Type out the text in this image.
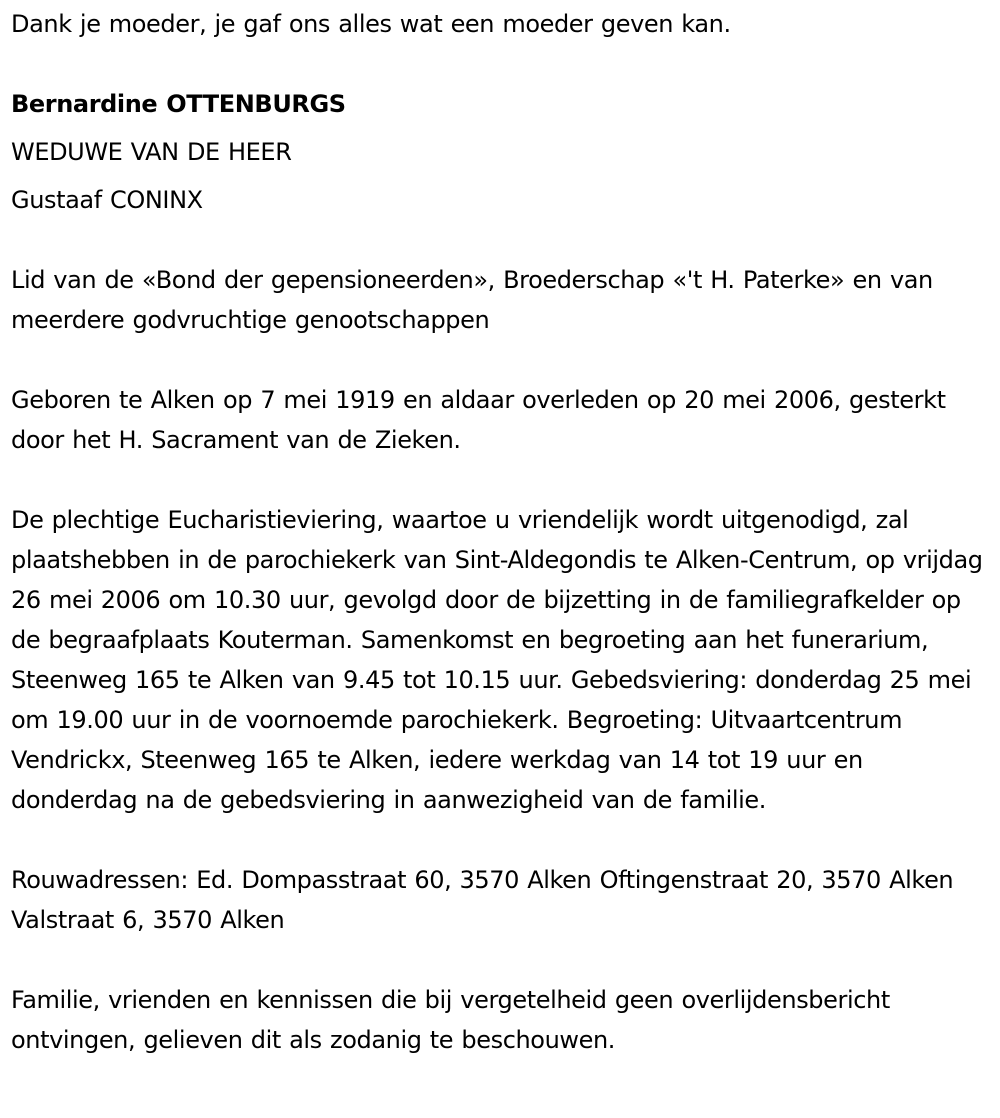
Dank je moeder, je gaf ons alles wat een moeder geven kan.

Bernardine OTTENBURGS

WEDUWE VAN DE HEER

Gustaaf CONINX

Lid van de «Bond der gepensioneerden», Broederschap «'t H. Paterke» en van meerdere godvruchtige genootschappen

Geboren te Alken op 7 mei 1919 en aldaar overleden op 20 mei 2006, gesterkt door het H. Sacrament van de Zieken.

De plechtige Eucharistieviering, waartoe u vriendelijk wordt uitgenodigd, zal plaatshebben in de parochiekerk van Sint-Aldegondis te Alken-Centrum, op vrijdag 26 mei 2006 om 10.30 uur, gevolgd door de bijzetting in de familiegrafkelder op de begraafplaats Kouterman. Samenkomst en begroeting aan het funerarium, Steenweg 165 te Alken van 9.45 tot 10.15 uur. Gebedsviering: donderdag 25 mei om 19.00 uur in de voornoemde parochiekerk. Begroeting: Uitvaartcentrum Vendrickx, Steenweg 165 te Alken, iedere werkdag van 14 tot 19 uur en donderdag na de gebedsviering in aanwezigheid van de familie.

Rouwadressen: Ed. Dompasstraat 60, 3570 Alken Oftingenstraat 20, 3570 Alken Valstraat 6, 3570 Alken

Familie, vrienden en kennissen die bij vergetelheid geen overlijdensbericht ontvingen, gelieven dit als zodanig te beschouwen.
